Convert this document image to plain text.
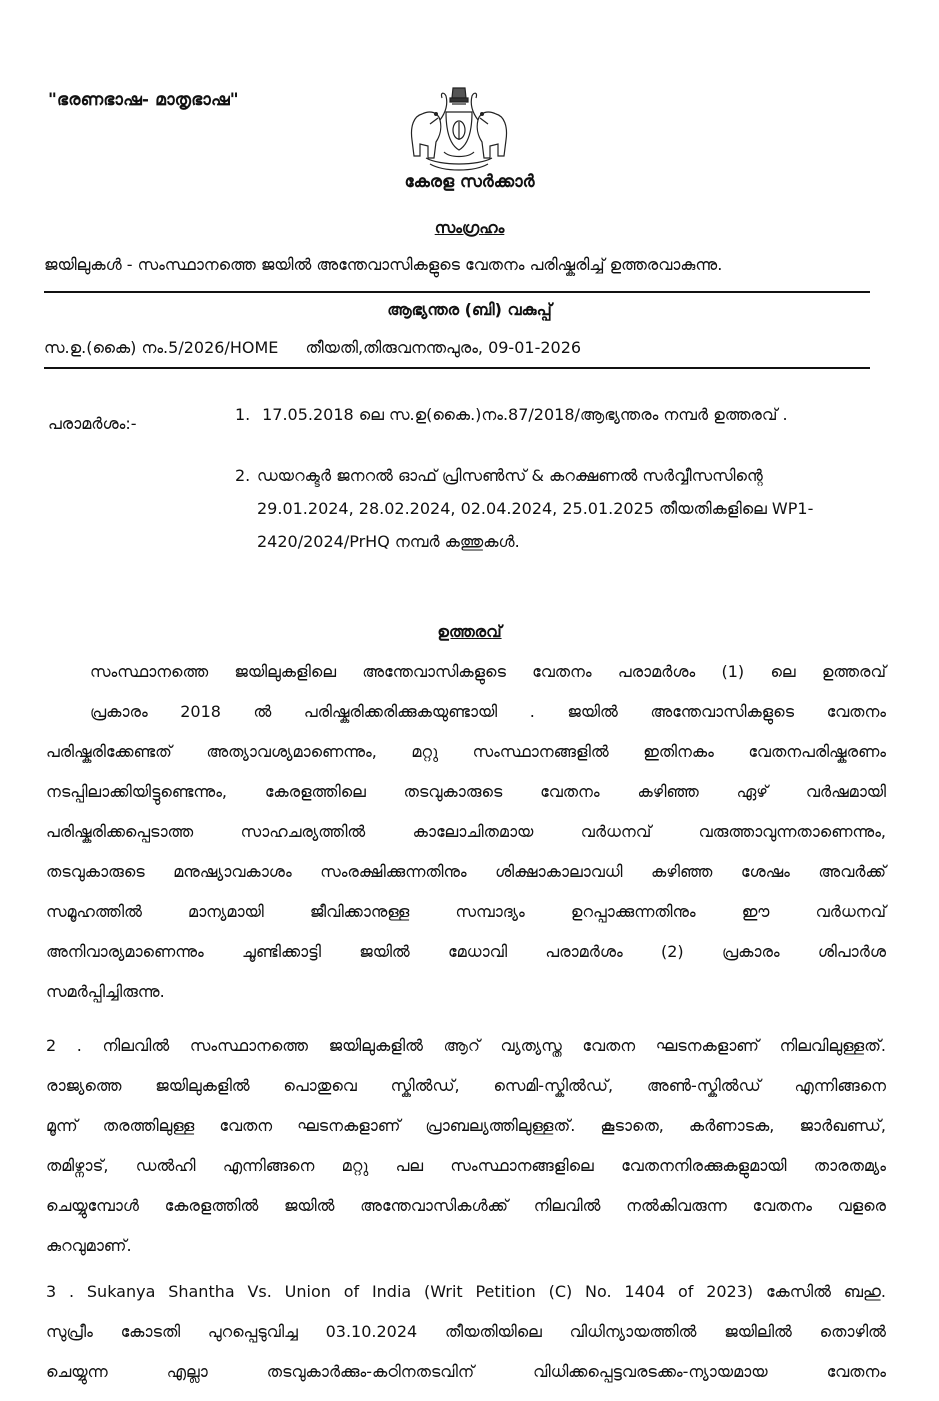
"ഭരണഭാഷ- മാതൃഭാഷ"
കേരള സർക്കാർ
സംഗ്രഹം
ജയിലുകൾ - സംസ്ഥാനത്തെ ജയിൽ അന്തേവാസികളുടെ വേതനം പരിഷ്കരിച്ച് ഉത്തരവാകുന്നു.
ആഭ്യന്തര (ബി) വകുപ്പ്
സ.ഉ.(കൈ) നം.5/2026/HOME തീയതി,തിരുവനന്തപുരം, 09-01-2026
പരാമർശം:-	1. 17.05.2018 ലെ സ.ഉ(കൈ.)നം.87/2018/ആഭ്യന്തരം നമ്പർ ഉത്തരവ് .
2. ഡയറക്ടർ ജനറൽ ഓഫ് പ്രിസൺസ് & കറക്ഷണൽ സർവ്വീസസിന്റെ
29.01.2024, 28.02.2024, 02.04.2024, 25.01.2025 തീയതികളിലെ WP1-
2420/2024/PrHQ നമ്പർ കത്തുകൾ.
ഉത്തരവ്
സംസ്ഥാനത്തെ ജയിലുകളിലെ അന്തേവാസികളുടെ വേതനം പരാമർശം (1) ലെ ഉത്തരവ്
പ്രകാരം 2018 ൽ പരിഷ്കരിക്കരിക്കുകയുണ്ടായി . ജയിൽ അന്തേവാസികളുടെ വേതനം
പരിഷ്കരിക്കേണ്ടത് അത്യാവശ്യമാണെന്നും, മറ്റു സംസ്ഥാനങ്ങളിൽ ഇതിനകം വേതനപരിഷ്കരണം
നടപ്പിലാക്കിയിട്ടുണ്ടെന്നും, കേരളത്തിലെ തടവുകാരുടെ വേതനം കഴിഞ്ഞ ഏഴ് വർഷമായി
പരിഷ്കരിക്കപ്പെടാത്ത സാഹചര്യത്തിൽ കാലോചിതമായ വർധനവ് വരുത്താവുന്നതാണെന്നും,
തടവുകാരുടെ മനുഷ്യാവകാശം സംരക്ഷിക്കുന്നതിനും ശിക്ഷാകാലാവധി കഴിഞ്ഞ ശേഷം അവർക്ക്
സമൂഹത്തിൽ മാന്യമായി ജീവിക്കാനുള്ള സമ്പാദ്യം ഉറപ്പാക്കുന്നതിനും ഈ വർധനവ്
അനിവാര്യമാണെന്നും ചൂണ്ടിക്കാട്ടി ജയിൽ മേധാവി പരാമർശം (2) പ്രകാരം ശിപാർശ
സമർപ്പിച്ചിരുന്നു.
2 . നിലവിൽ സംസ്ഥാനത്തെ ജയിലുകളിൽ ആറ് വ്യത്യസ്ത വേതന ഘടനകളാണ് നിലവിലുള്ളത്.
രാജ്യത്തെ ജയിലുകളിൽ പൊതുവെ സ്കിൽഡ്, സെമി-സ്കിൽഡ്, അൺ-സ്കിൽഡ് എന്നിങ്ങനെ
മൂന്ന് തരത്തിലുള്ള വേതന ഘടനകളാണ് പ്രാബല്യത്തിലുള്ളത്. കൂടാതെ, കർണാടക, ജാർഖണ്ഡ്,
തമിഴ്നാട്, ഡൽഹി എന്നിങ്ങനെ മറ്റു പല സംസ്ഥാനങ്ങളിലെ വേതനനിരക്കുകളുമായി താരതമ്യം
ചെയ്യുമ്പോൾ കേരളത്തിൽ ജയിൽ അന്തേവാസികൾക്ക് നിലവിൽ നൽകിവരുന്ന വേതനം വളരെ
കുറവുമാണ്.
3 . Sukanya Shantha Vs. Union of India (Writ Petition (C) No. 1404 of 2023) കേസിൽ ബഹു.
സുപ്രീം കോടതി പുറപ്പെടുവിച്ച 03.10.2024 തീയതിയിലെ വിധിന്യായത്തിൽ ജയിലിൽ തൊഴിൽ
ചെയ്യുന്ന എല്ലാ തടവുകാർക്കും-കഠിനതടവിന് വിധിക്കപ്പെട്ടവരടക്കം-ന്യായമായ വേതനം
